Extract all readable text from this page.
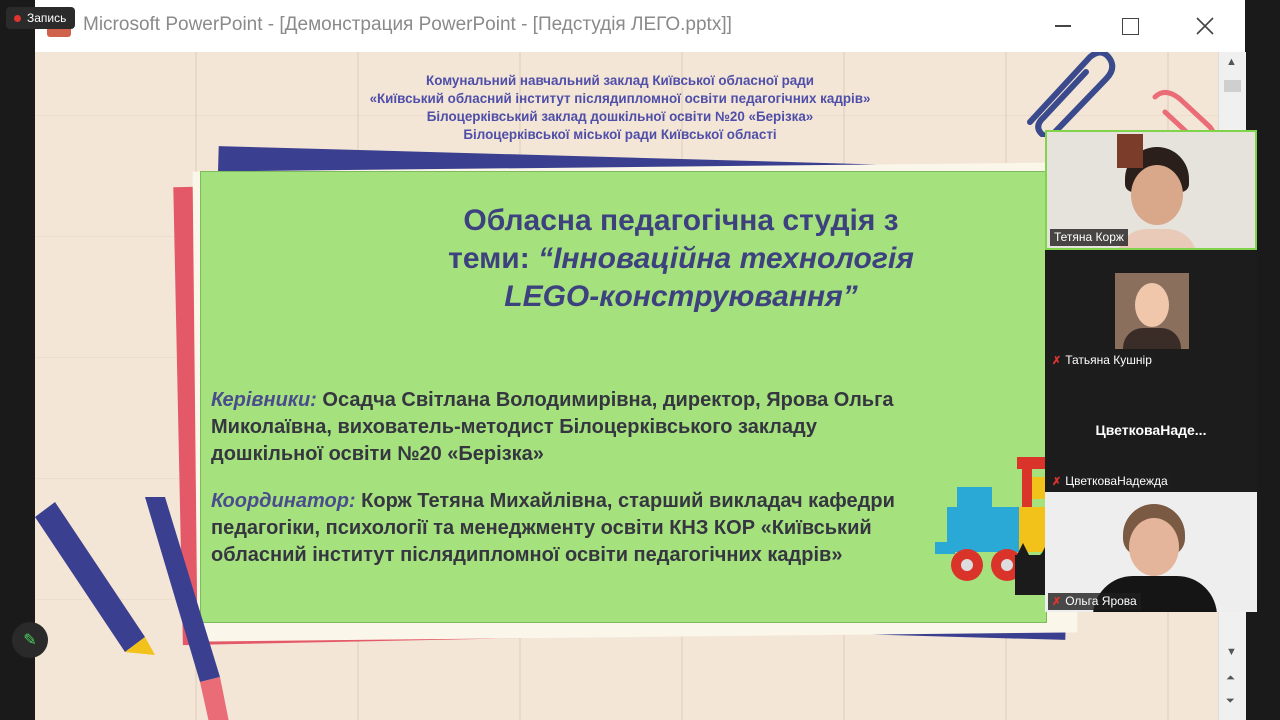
Microsoft PowerPoint - [Демонстрация PowerPoint - [Педстудія ЛЕГО.pptx]]
Комунальний навчальний заклад Київської обласної ради
«Київський обласний інститут післядипломної освіти педагогічних кадрів»
Білоцерківський заклад дошкільної освіти №20 «Берізка»
Білоцерківської міської ради Київської області
Обласна педагогічна студія з
теми: “Інноваційна технологія
LEGO-конструювання”

Керівники: Осадча Світлана Володимирівна, директор, Ярова Ольга Миколаївна, вихователь-методист Білоцерківського закладу дошкільної освіти №20 «Берізка»

Координатор: Корж Тетяна Михайлівна, старший викладач кафедри педагогіки, психології та менеджменту освіти КНЗ КОР «Київський обласний інститут післядипломної освіти педагогічних кадрів»

▲
▼
⏶
⏷
Запись
Тетяна Корж
✗ Татьяна Кушнір
ЦветковаНаде...
✗ ЦветковаНадежда
✗ Ольга Ярова
✎
